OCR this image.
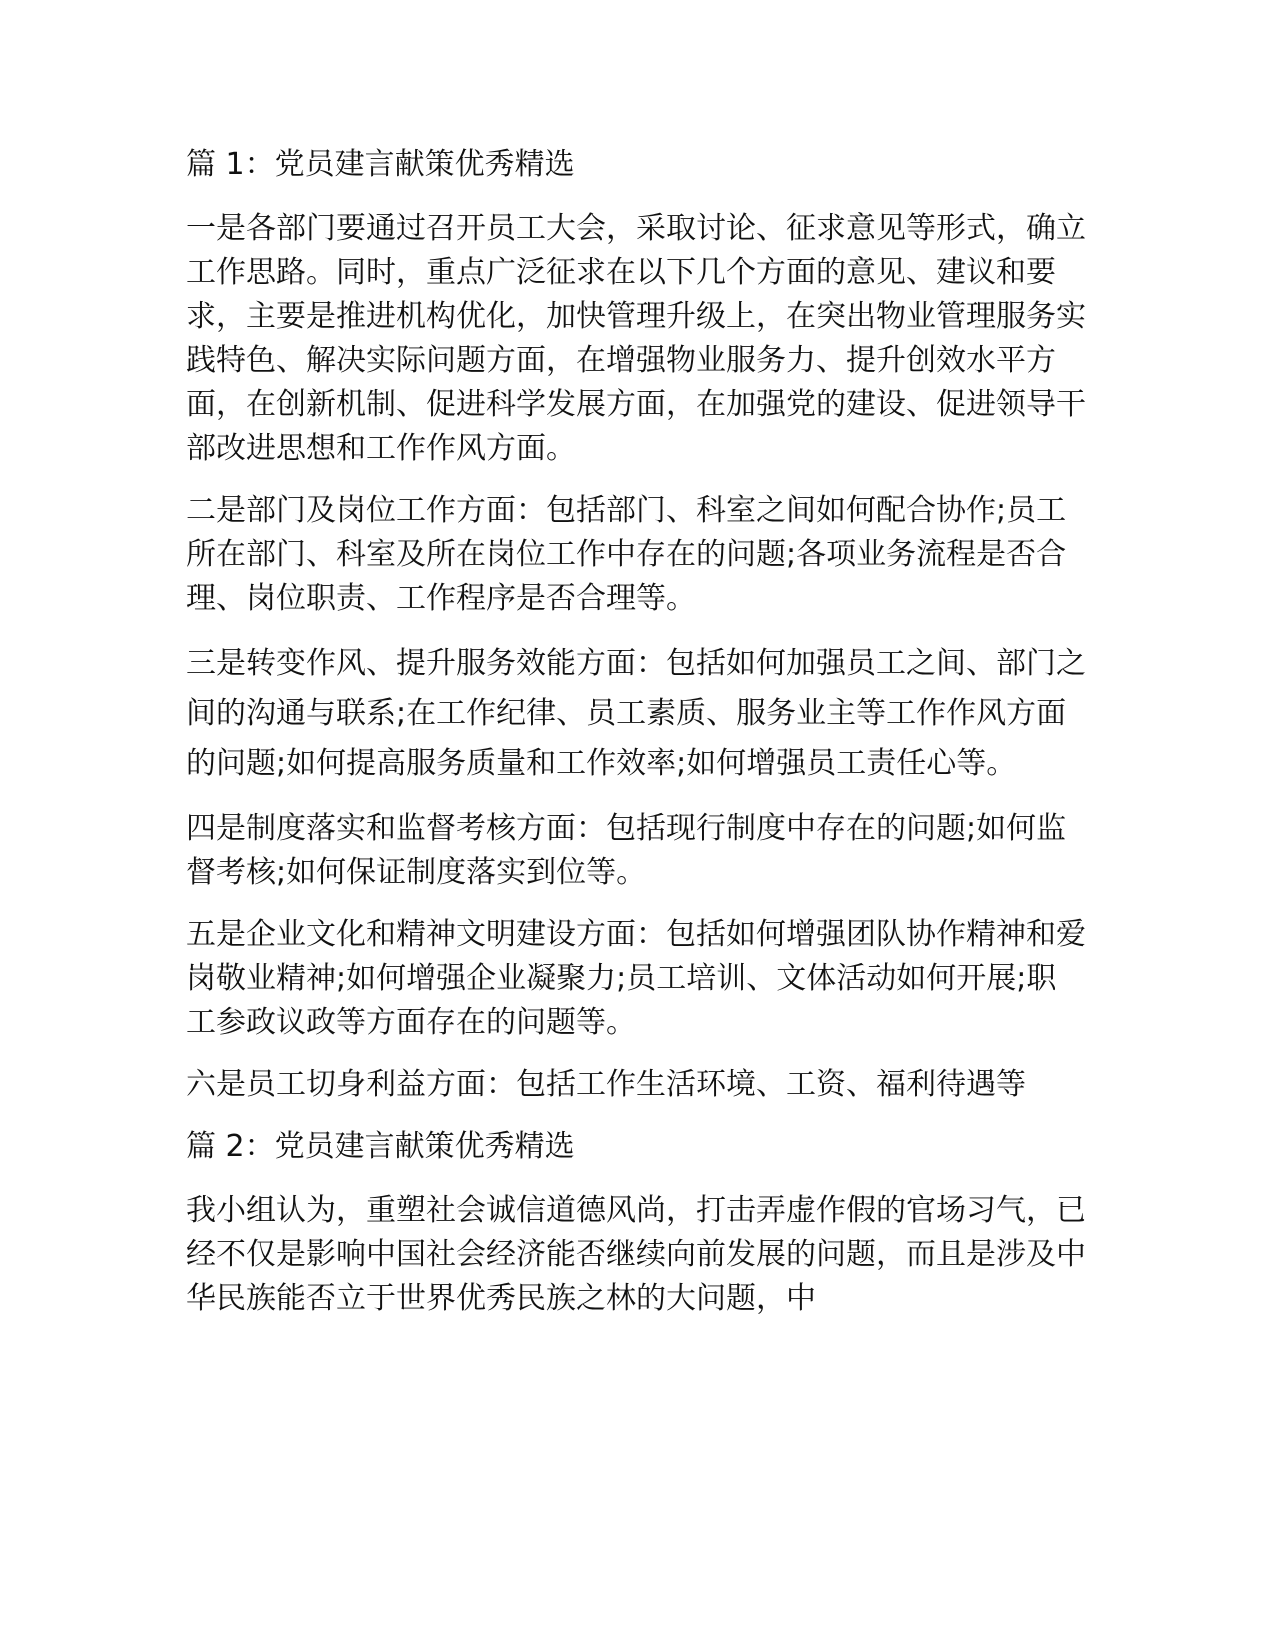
篇 1：党员建言献策优秀精选

一是各部门要通过召开员工大会，采取讨论、征求意见等形式，确立工作思路。同时，重点广泛征求在以下几个方面的意见、建议和要求，主要是推进机构优化，加快管理升级上，在突出物业管理服务实践特色、解决实际问题方面，在增强物业服务力、提升创效水平方面，在创新机制、促进科学发展方面，在加强党的建设、促进领导干部改进思想和工作作风方面。

二是部门及岗位工作方面：包括部门、科室之间如何配合协作;员工所在部门、科室及所在岗位工作中存在的问题;各项业务流程是否合理、岗位职责、工作程序是否合理等。

三是转变作风、提升服务效能方面：包括如何加强员工之间、部门之间的沟通与联系;在工作纪律、员工素质、服务业主等工作作风方面的问题;如何提高服务质量和工作效率;如何增强员工责任心等。

四是制度落实和监督考核方面：包括现行制度中存在的问题;如何监督考核;如何保证制度落实到位等。

五是企业文化和精神文明建设方面：包括如何增强团队协作精神和爱岗敬业精神;如何增强企业凝聚力;员工培训、文体活动如何开展;职工参政议政等方面存在的问题等。

六是员工切身利益方面：包括工作生活环境、工资、福利待遇等

篇 2：党员建言献策优秀精选

我小组认为，重塑社会诚信道德风尚，打击弄虚作假的官场习气，已经不仅是影响中国社会经济能否继续向前发展的问题，而且是涉及中华民族能否立于世界优秀民族之林的大问题，中
